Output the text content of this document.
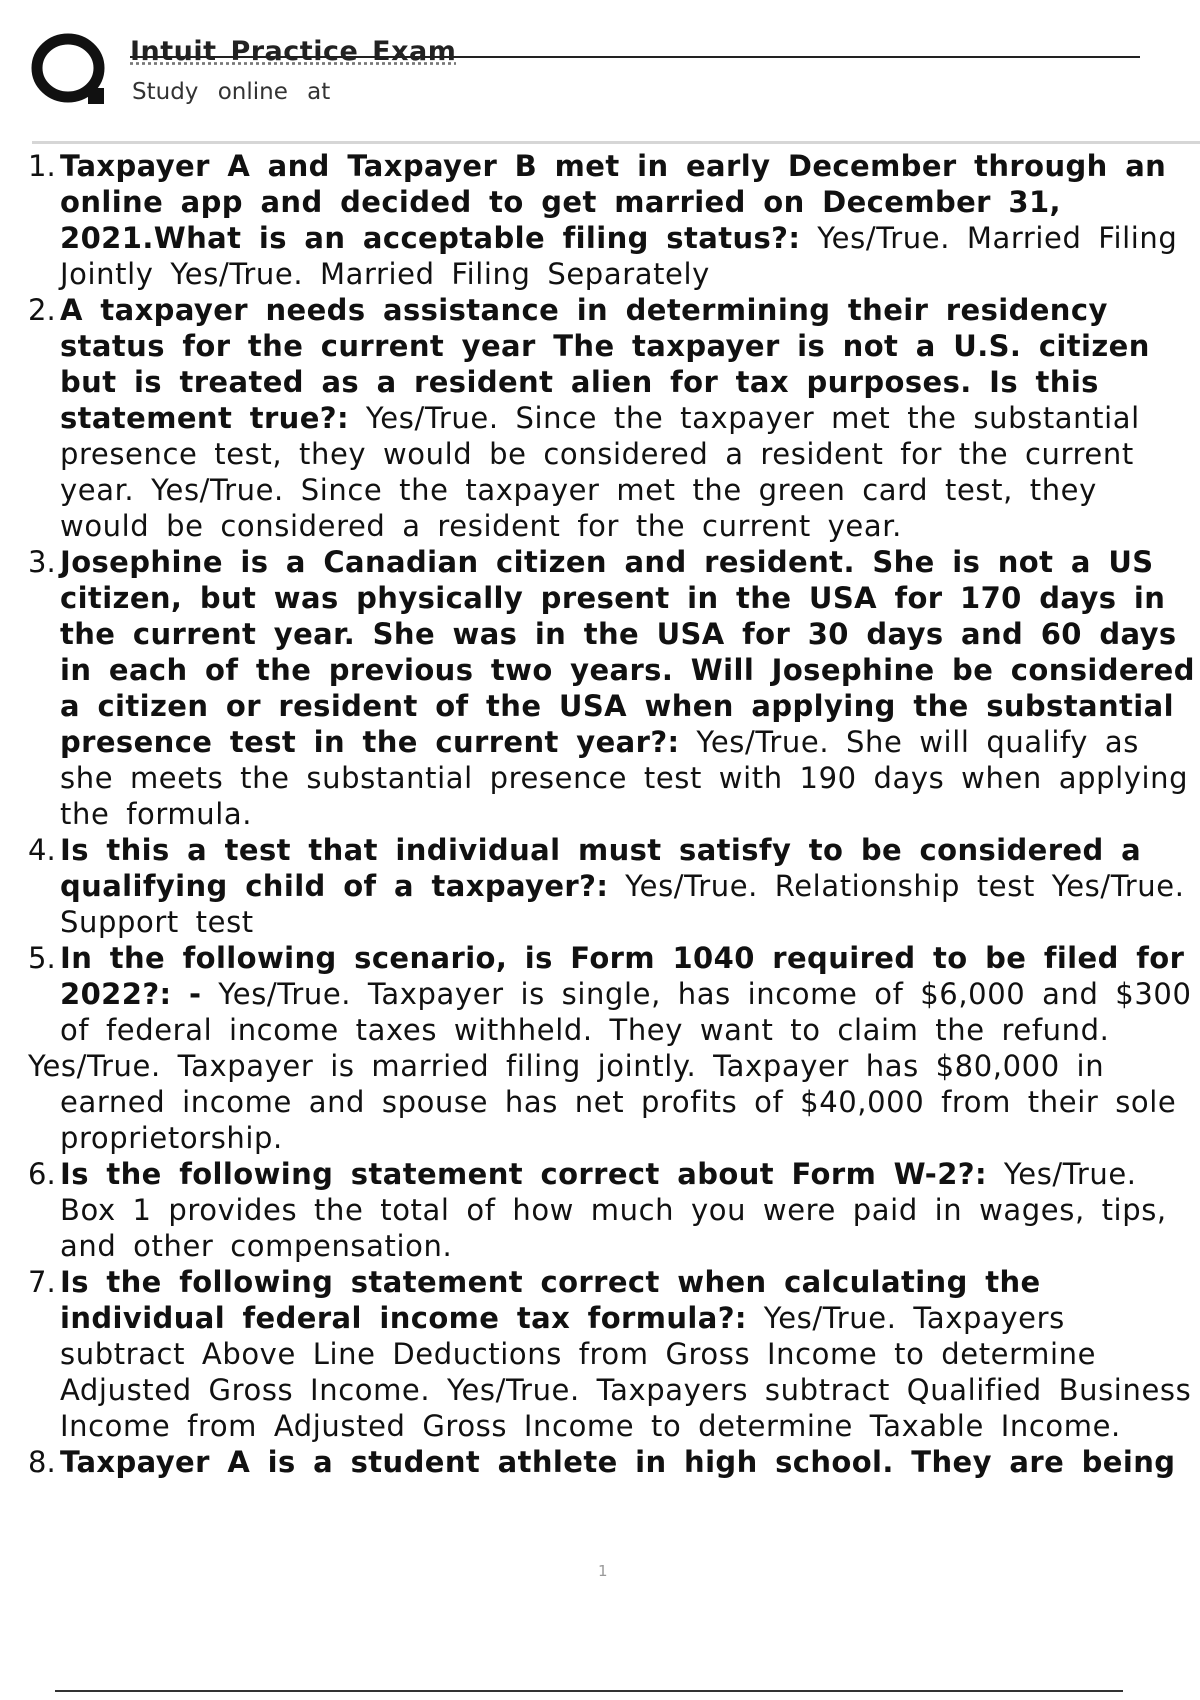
Intuit Practice Exam
Study online at
1. Taxpayer A and Taxpayer B met in early December through an online app and decided to get married on December 31, 2021.What is an acceptable filing status?: Yes/True. Married Filing Jointly Yes/True. Married Filing Separately
2. A taxpayer needs assistance in determining their residency status for the current year The taxpayer is not a U.S. citizen but is treated as a resident alien for tax purposes. Is this statement true?: Yes/True. Since the taxpayer met the substantial presence test, they would be considered a resident for the current year. Yes/True. Since the taxpayer met the green card test, they would be considered a resident for the current year.
3. Josephine is a Canadian citizen and resident. She is not a US citizen, but was physically present in the USA for 170 days in the current year. She was in the USA for 30 days and 60 days in each of the previous two years. Will Josephine be considered a citizen or resident of the USA when applying the substantial presence test in the current year?: Yes/True. She will qualify as she meets the substantial presence test with 190 days when applying the formula.
4. Is this a test that individual must satisfy to be considered a qualifying child of a taxpayer?: Yes/True. Relationship test Yes/True. Support test
5. In the following scenario, is Form 1040 required to be filed for 2022?: - Yes/True. Taxpayer is single, has income of $6,000 and $300 of federal income taxes withheld. They want to claim the refund.
Yes/True. Taxpayer is married filing jointly. Taxpayer has $80,000 in earned income and spouse has net profits of $40,000 from their sole proprietorship.
6. Is the following statement correct about Form W-2?: Yes/True. Box 1 provides the total of how much you were paid in wages, tips, and other compensation.
7. Is the following statement correct when calculating the individual federal income tax formula?: Yes/True. Taxpayers subtract Above Line Deductions from Gross Income to determine Adjusted Gross Income. Yes/True. Taxpayers subtract Qualified Business Income from Adjusted Gross Income to determine Taxable Income.
8. Taxpayer A is a student athlete in high school. They are being
1
